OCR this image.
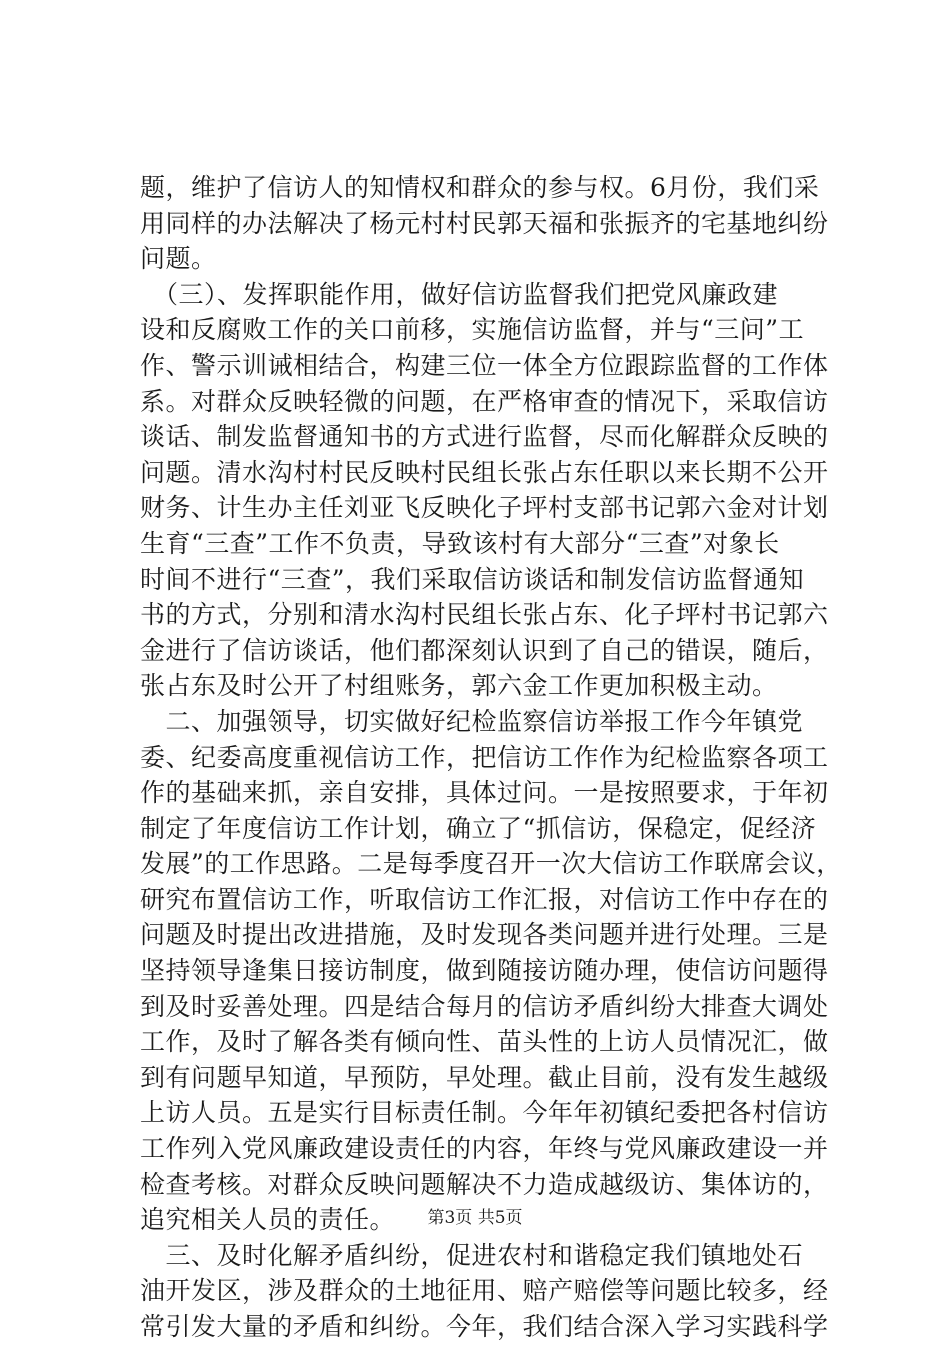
题，维护了信访人的知情权和群众的参与权。6月份，我们采
用同样的办法解决了杨元村村民郭天福和张振齐的宅基地纠纷
问题。
　（三）、发挥职能作用，做好信访监督我们把党风廉政建
设和反腐败工作的关口前移，实施信访监督，并与“三问”工
作、警示训诫相结合，构建三位一体全方位跟踪监督的工作体
系。对群众反映轻微的问题，在严格审查的情况下，采取信访
谈话、制发监督通知书的方式进行监督，尽而化解群众反映的
问题。清水沟村村民反映村民组长张占东任职以来长期不公开
财务、计生办主任刘亚飞反映化子坪村支部书记郭六金对计划
生育“三查”工作不负责，导致该村有大部分“三查”对象长
时间不进行“三查”，我们采取信访谈话和制发信访监督通知
书的方式，分别和清水沟村民组长张占东、化子坪村书记郭六
金进行了信访谈话，他们都深刻认识到了自己的错误，随后，
张占东及时公开了村组账务，郭六金工作更加积极主动。
　二、加强领导，切实做好纪检监察信访举报工作今年镇党
委、纪委高度重视信访工作，把信访工作作为纪检监察各项工
作的基础来抓，亲自安排，具体过问。一是按照要求，于年初
制定了年度信访工作计划，确立了“抓信访，保稳定，促经济
发展”的工作思路。二是每季度召开一次大信访工作联席会议，
研究布置信访工作，听取信访工作汇报，对信访工作中存在的
问题及时提出改进措施，及时发现各类问题并进行处理。三是
坚持领导逢集日接访制度，做到随接访随办理，使信访问题得
到及时妥善处理。四是结合每月的信访矛盾纠纷大排查大调处
工作，及时了解各类有倾向性、苗头性的上访人员情况汇，做
到有问题早知道，早预防，早处理。截止目前，没有发生越级
上访人员。五是实行目标责任制。今年年初镇纪委把各村信访
工作列入党风廉政建设责任的内容，年终与党风廉政建设一并
检查考核。对群众反映问题解决不力造成越级访、集体访的，
追究相关人员的责任。
　三、及时化解矛盾纠纷，促进农村和谐稳定我们镇地处石
油开发区，涉及群众的土地征用、赔产赔偿等问题比较多，经
常引发大量的矛盾和纠纷。今年，我们结合深入学习实践科学
第3页 共5页
